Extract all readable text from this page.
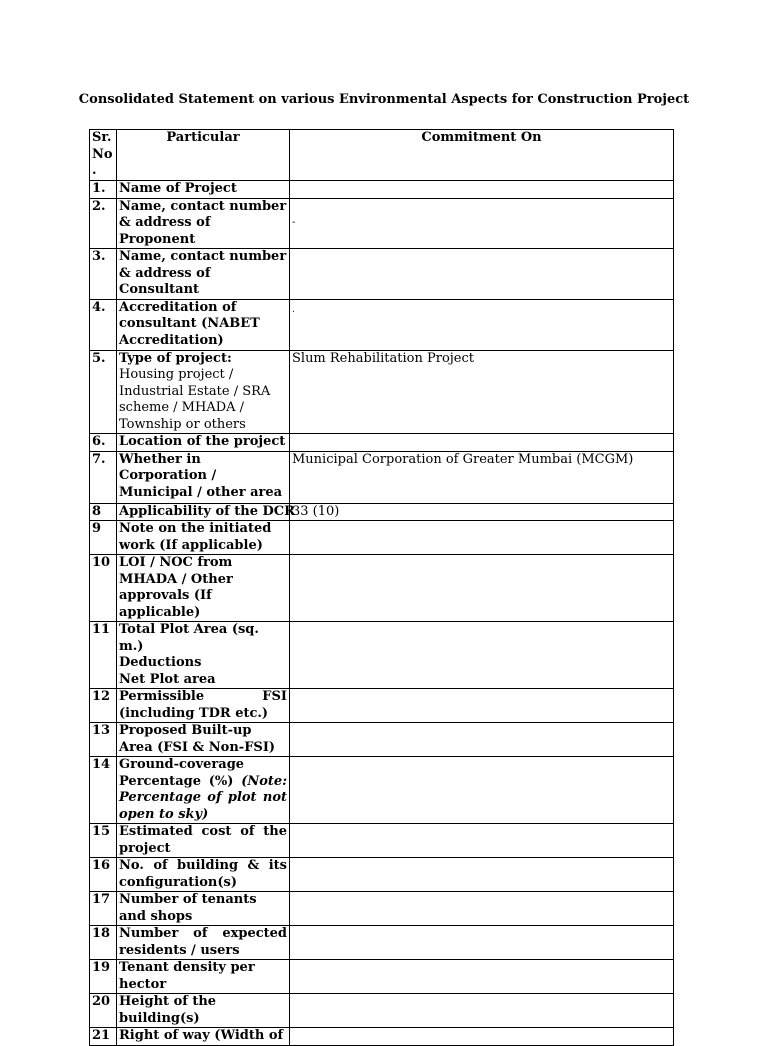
Consolidated Statement on various Environmental Aspects for Construction Project
Sr. No .	Particular	Commitment On
1.	Name of Project	
2.	Name, contact number & address of Proponent	-
3.	Name, contact number & address of Consultant	
4.	Accreditation of consultant (NABET Accreditation)	.
5.	Type of project: Housing project / Industrial Estate / SRA scheme / MHADA / Township or others	Slum Rehabilitation Project
6.	Location of the project	
7.	Whether in Corporation / Municipal / other area	Municipal Corporation of Greater Mumbai (MCGM)
8	Applicability of the DCR	33 (10)
9	Note on the initiated work (If applicable)	
10	LOI / NOC from MHADA / Other approvals (If applicable)	
11	Total Plot Area (sq. m.)
Deductions
Net Plot area	

12	Permissible FSI (including TDR etc.)	
13	Proposed Built-up Area (FSI & Non-FSI)	
14	Ground-coverage Percentage (%) (Note: Percentage of plot not open to sky)	
15	Estimated cost of the project	
16	No. of building & its configuration(s)	
17	Number of tenants and shops	
18	Number of expected residents / users	
19	Tenant density per hector	
20	Height of the building(s)	
21	Right of way (Width of	
